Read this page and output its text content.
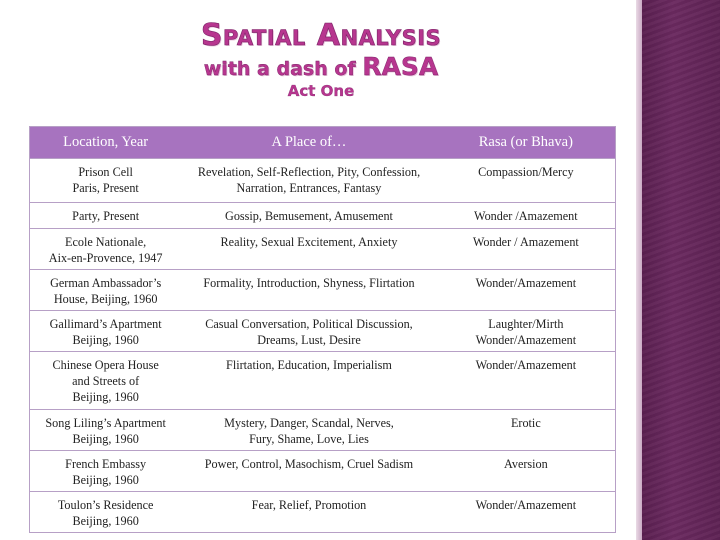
Spatial Analysis
with a dash of RASA
Act One
Location, Year	A Place of…	Rasa (or Bhava)

Prison Cell
Paris, Present	Revelation, Self-Reflection, Pity, Confession,
Narration, Entrances, Fantasy	Compassion/Mercy

Party, Present	Gossip, Bemusement, Amusement	Wonder /Amazement

Ecole Nationale,
Aix-en-Provence, 1947	Reality, Sexual Excitement, Anxiety	Wonder / Amazement

German Ambassador’s
House, Beijing, 1960	Formality, Introduction, Shyness, Flirtation	Wonder/Amazement

Gallimard’s Apartment
Beijing, 1960	Casual Conversation, Political Discussion,
Dreams, Lust, Desire	Laughter/Mirth
Wonder/Amazement

Chinese Opera House
and Streets of
Beijing, 1960	Flirtation, Education, Imperialism	Wonder/Amazement

Song Liling’s Apartment
Beijing, 1960	Mystery, Danger, Scandal, Nerves,
Fury, Shame, Love, Lies	Erotic

French Embassy
Beijing, 1960	Power, Control, Masochism, Cruel Sadism	Aversion

Toulon’s Residence
Beijing, 1960	Fear, Relief, Promotion	Wonder/Amazement
